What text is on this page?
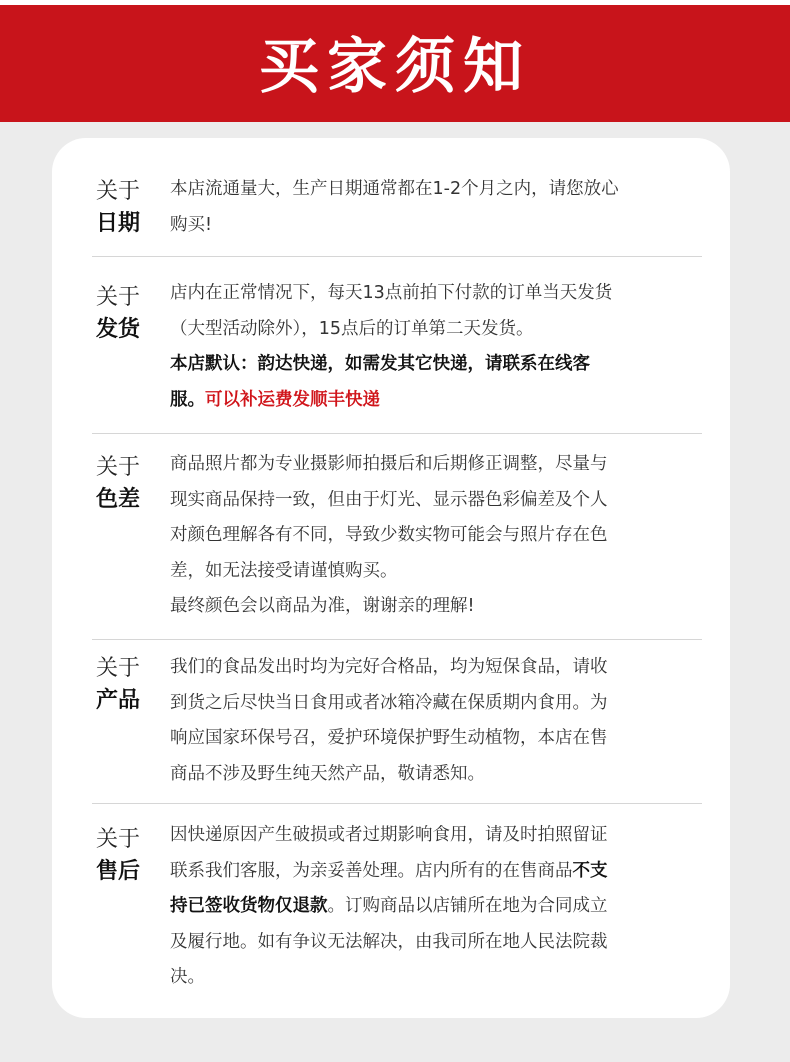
买家须知
关于
日期

本店流通量大，生产日期通常都在1-2个月之内，请您放心

购买!

关于
发货

店内在正常情况下，每天13点前拍下付款的订单当天发货

（大型活动除外），15点后的订单第二天发货。

本店默认：韵达快递，如需发其它快递，请联系在线客

服。可以补运费发顺丰快递

关于
色差

商品照片都为专业摄影师拍摄后和后期修正调整，尽量与

现实商品保持一致，但由于灯光、显示器色彩偏差及个人

对颜色理解各有不同，导致少数实物可能会与照片存在色

差，如无法接受请谨慎购买。

最终颜色会以商品为准，谢谢亲的理解!

关于
产品

我们的食品发出时均为完好合格品，均为短保食品，请收

到货之后尽快当日食用或者冰箱冷藏在保质期内食用。为

响应国家环保号召，爱护环境保护野生动植物，本店在售

商品不涉及野生纯天然产品，敬请悉知。

关于
售后

因快递原因产生破损或者过期影响食用，请及时拍照留证

联系我们客服，为亲妥善处理。店内所有的在售商品不支

持已签收货物仅退款。订购商品以店铺所在地为合同成立

及履行地。如有争议无法解决，由我司所在地人民法院裁

决。
